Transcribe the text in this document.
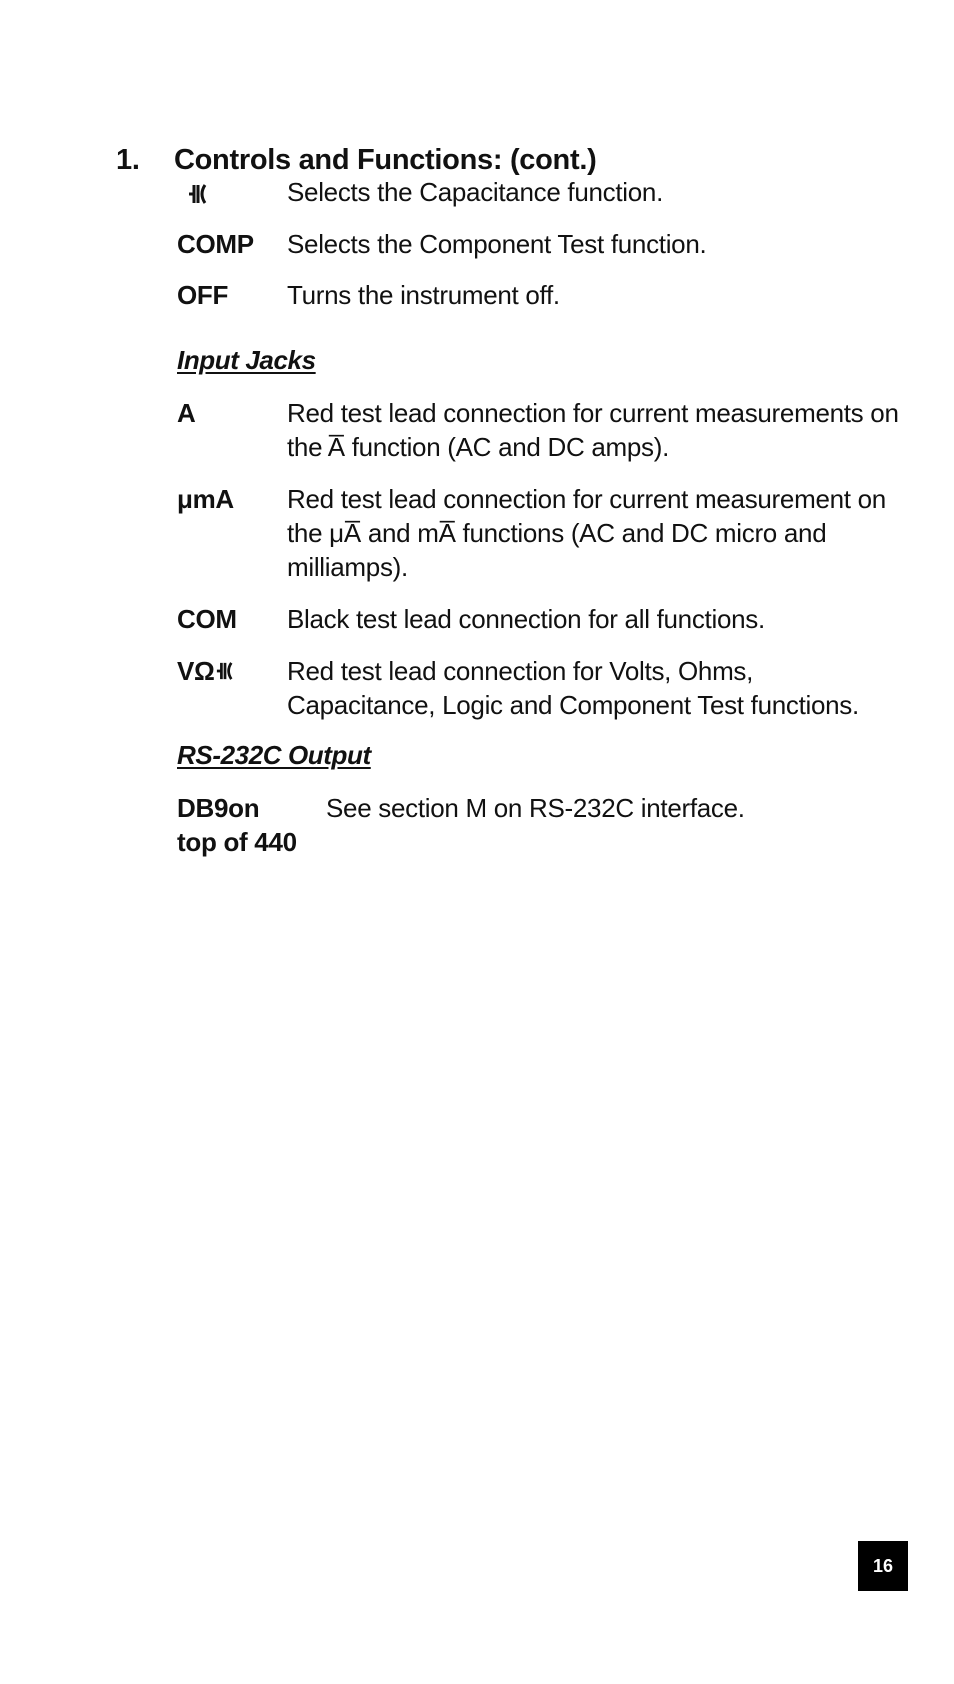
1. Controls and Functions: (cont.)
Selects the Capacitance function.
COMP Selects the Component Test function.
OFF Turns the instrument off.
Input Jacks
A	Red test lead connection for current measurements on the A̅ function (AC and DC amps).
μmA Red test lead connection for current measurement on the μA̅ and mA̅ functions (AC and DC micro and milliamps).
COM Black test lead connection for all functions.
VΩ	Red test lead connection for Volts, Ohms, Capacitance, Logic and Component Test functions.
RS-232C Output
DB9on
top of 440
See section M on RS-232C interface.
16
